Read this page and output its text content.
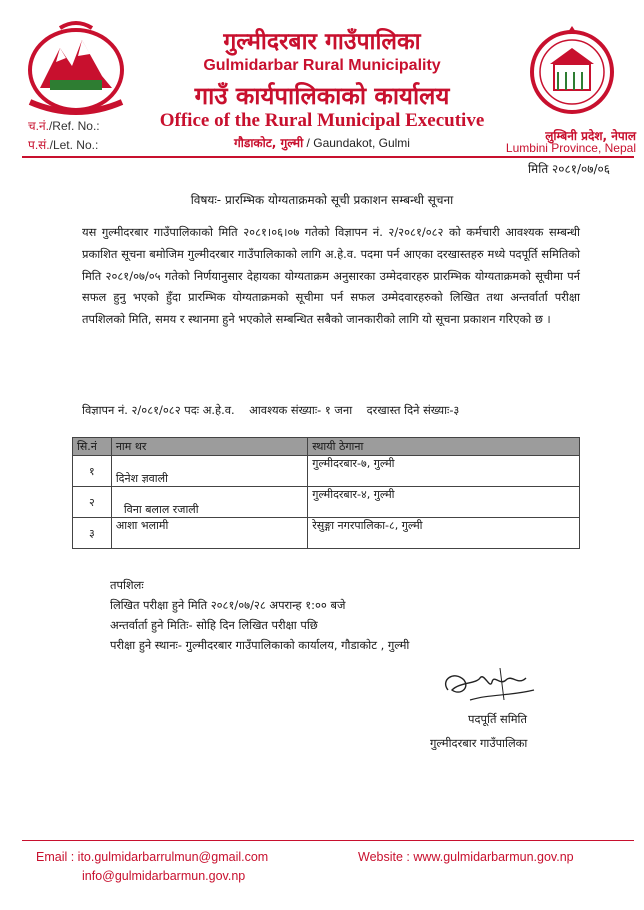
गुल्मीदरबार गाउँपालिका
Gulmidarbar Rural Municipality
गाउँ कार्यपालिकाको कार्यालय
Office of the Rural Municipal Executive
गौडाकोट, गुल्मी / Gaundakot, Gulmi
च.नं./Ref. No.:
प.सं./Let. No.:
लुम्बिनी प्रदेश, नेपाल
Lumbini Province, Nepal
मिति २०८१/०७/०६
विषयः- प्रारम्भिक योग्यताक्रमको सूची प्रकाशन सम्बन्धी सूचना
यस गुल्मीदरबार गाउँपालिकाको मिति २०८१।०६।०७ गतेको विज्ञापन नं. २/२०८१/०८२ को कर्मचारी आवश्यक सम्बन्धी प्रकाशित सूचना बमोजिम गुल्मीदरबार गाउँपालिकाको लागि अ.हे.व. पदमा पर्न आएका दरखास्तहरु मध्ये पदपूर्ति समितिको मिति २०८१/०७/०५ गतेको निर्णयानुसार देहायका योग्यताक्रम अनुसारका उम्मेदवारहरु प्रारम्भिक योग्यताक्रमको सूचीमा पर्न सफल हुनु भएको हुँदा प्रारम्भिक योग्यताक्रमको सूचीमा पर्न सफल उम्मेदवारहरुको लिखित तथा अन्तर्वार्ता परीक्षा तपशिलको मिति, समय र स्थानमा हुने भएकोले सम्बन्धित सबैको जानकारीको लागि यो सूचना प्रकाशन गरिएको छ ।
विज्ञापन नं. २/०८१/०८२ पदः अ.हे.व.    आवश्यक संख्याः- १ जना    दरखास्त दिने संख्याः-३
सि.नं	नाम थर	स्थायी ठेगाना
१	दिनेश ज्ञवाली	गुल्मीदरबार-७, गुल्मी
२	विना बलाल रजाली	गुल्मीदरबार-४, गुल्मी
३	आशा भलामी	रेसुङ्गा नगरपालिका-८, गुल्मी
तपशिलः
लिखित परीक्षा हुने मिति २०८१/०७/२८ अपरान्ह १:०० बजे
अन्तर्वार्ता हुने मितिः- सोहि दिन लिखित परीक्षा पछि
परीक्षा हुने स्थानः- गुल्मीदरबार गाउँपालिकाको कार्यालय, गौडाकोट , गुल्मी
पदपूर्ति समिति
गुल्मीदरबार गाउँपालिका
Email : ito.gulmidarbarrulmun@gmail.com
info@gulmidarbarmun.gov.np
Website : www.gulmidarbarmun.gov.np
